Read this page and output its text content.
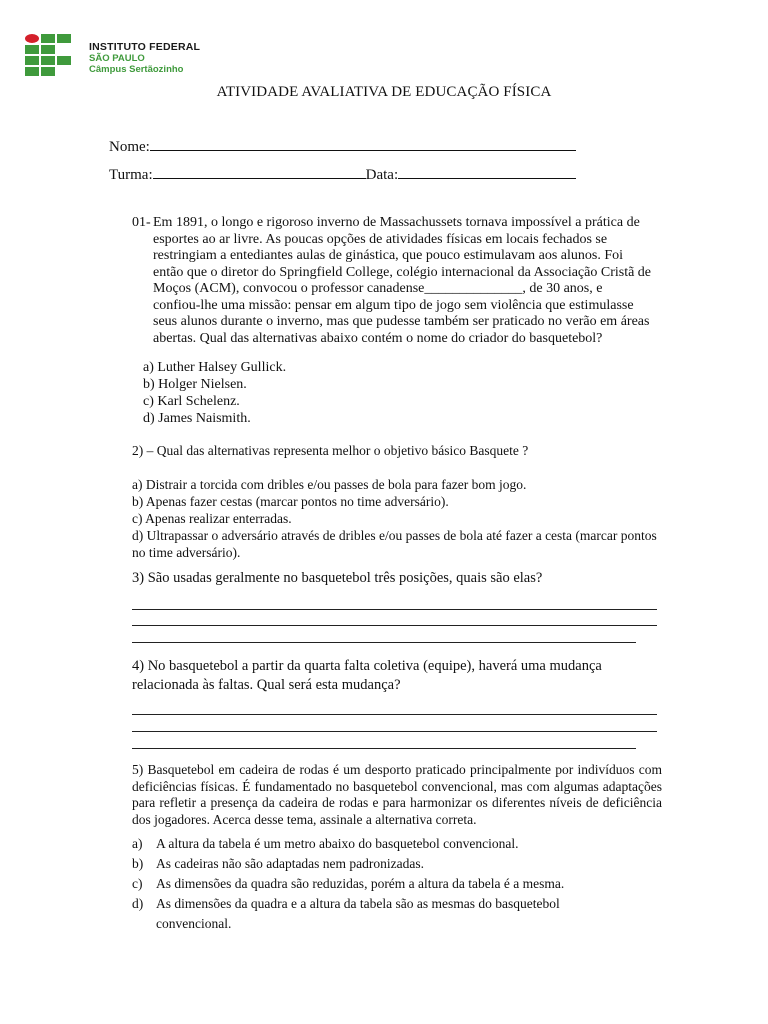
INSTITUTO FEDERAL
SÃO PAULO
Câmpus Sertãozinho
ATIVIDADE AVALIATIVA DE EDUCAÇÃO FÍSICA
Nome:
Turma:	Data:
01- Em 1891, o longo e rigoroso inverno de Massachussets tornava impossível a prática de esportes ao ar livre. As poucas opções de atividades físicas em locais fechados se restringiam a entediantes aulas de ginástica, que pouco estimulavam aos alunos. Foi então que o diretor do Springfield College, colégio internacional da Associação Cristã de Moços (ACM), convocou o professor canadense______________, de 30 anos, e confiou-lhe uma missão: pensar em algum tipo de jogo sem violência que estimulasse seus alunos durante o inverno, mas que pudesse também ser praticado no verão em áreas abertas. Qual das alternativas abaixo contém o nome do criador do basquetebol?
a) Luther Halsey Gullick.
b) Holger Nielsen.
c) Karl Schelenz.
d) James Naismith.
2) – Qual das alternativas representa melhor o objetivo básico Basquete ?
a) Distrair a torcida com dribles e/ou passes de bola para fazer bom jogo.
b) Apenas fazer cestas (marcar pontos no time adversário).
c) Apenas realizar enterradas.
d) Ultrapassar o adversário através de dribles e/ou passes de bola até fazer a cesta (marcar pontos no time adversário).
3) São usadas geralmente no basquetebol três posições, quais são elas?
4) No basquetebol a partir da quarta falta coletiva (equipe), haverá uma mudança relacionada às faltas. Qual será esta mudança?
5) Basquetebol em cadeira de rodas é um desporto praticado principalmente por indivíduos com deficiências físicas. É fundamentado no basquetebol convencional, mas com algumas adaptações para refletir a presença da cadeira de rodas e para harmonizar os diferentes níveis de deficiência dos jogadores. Acerca desse tema, assinale a alternativa correta.
a) A altura da tabela é um metro abaixo do basquetebol convencional.
b) As cadeiras não são adaptadas nem padronizadas.
c) As dimensões da quadra são reduzidas, porém a altura da tabela é a mesma.
d) As dimensões da quadra e a altura da tabela são as mesmas do basquetebol
convencional.
